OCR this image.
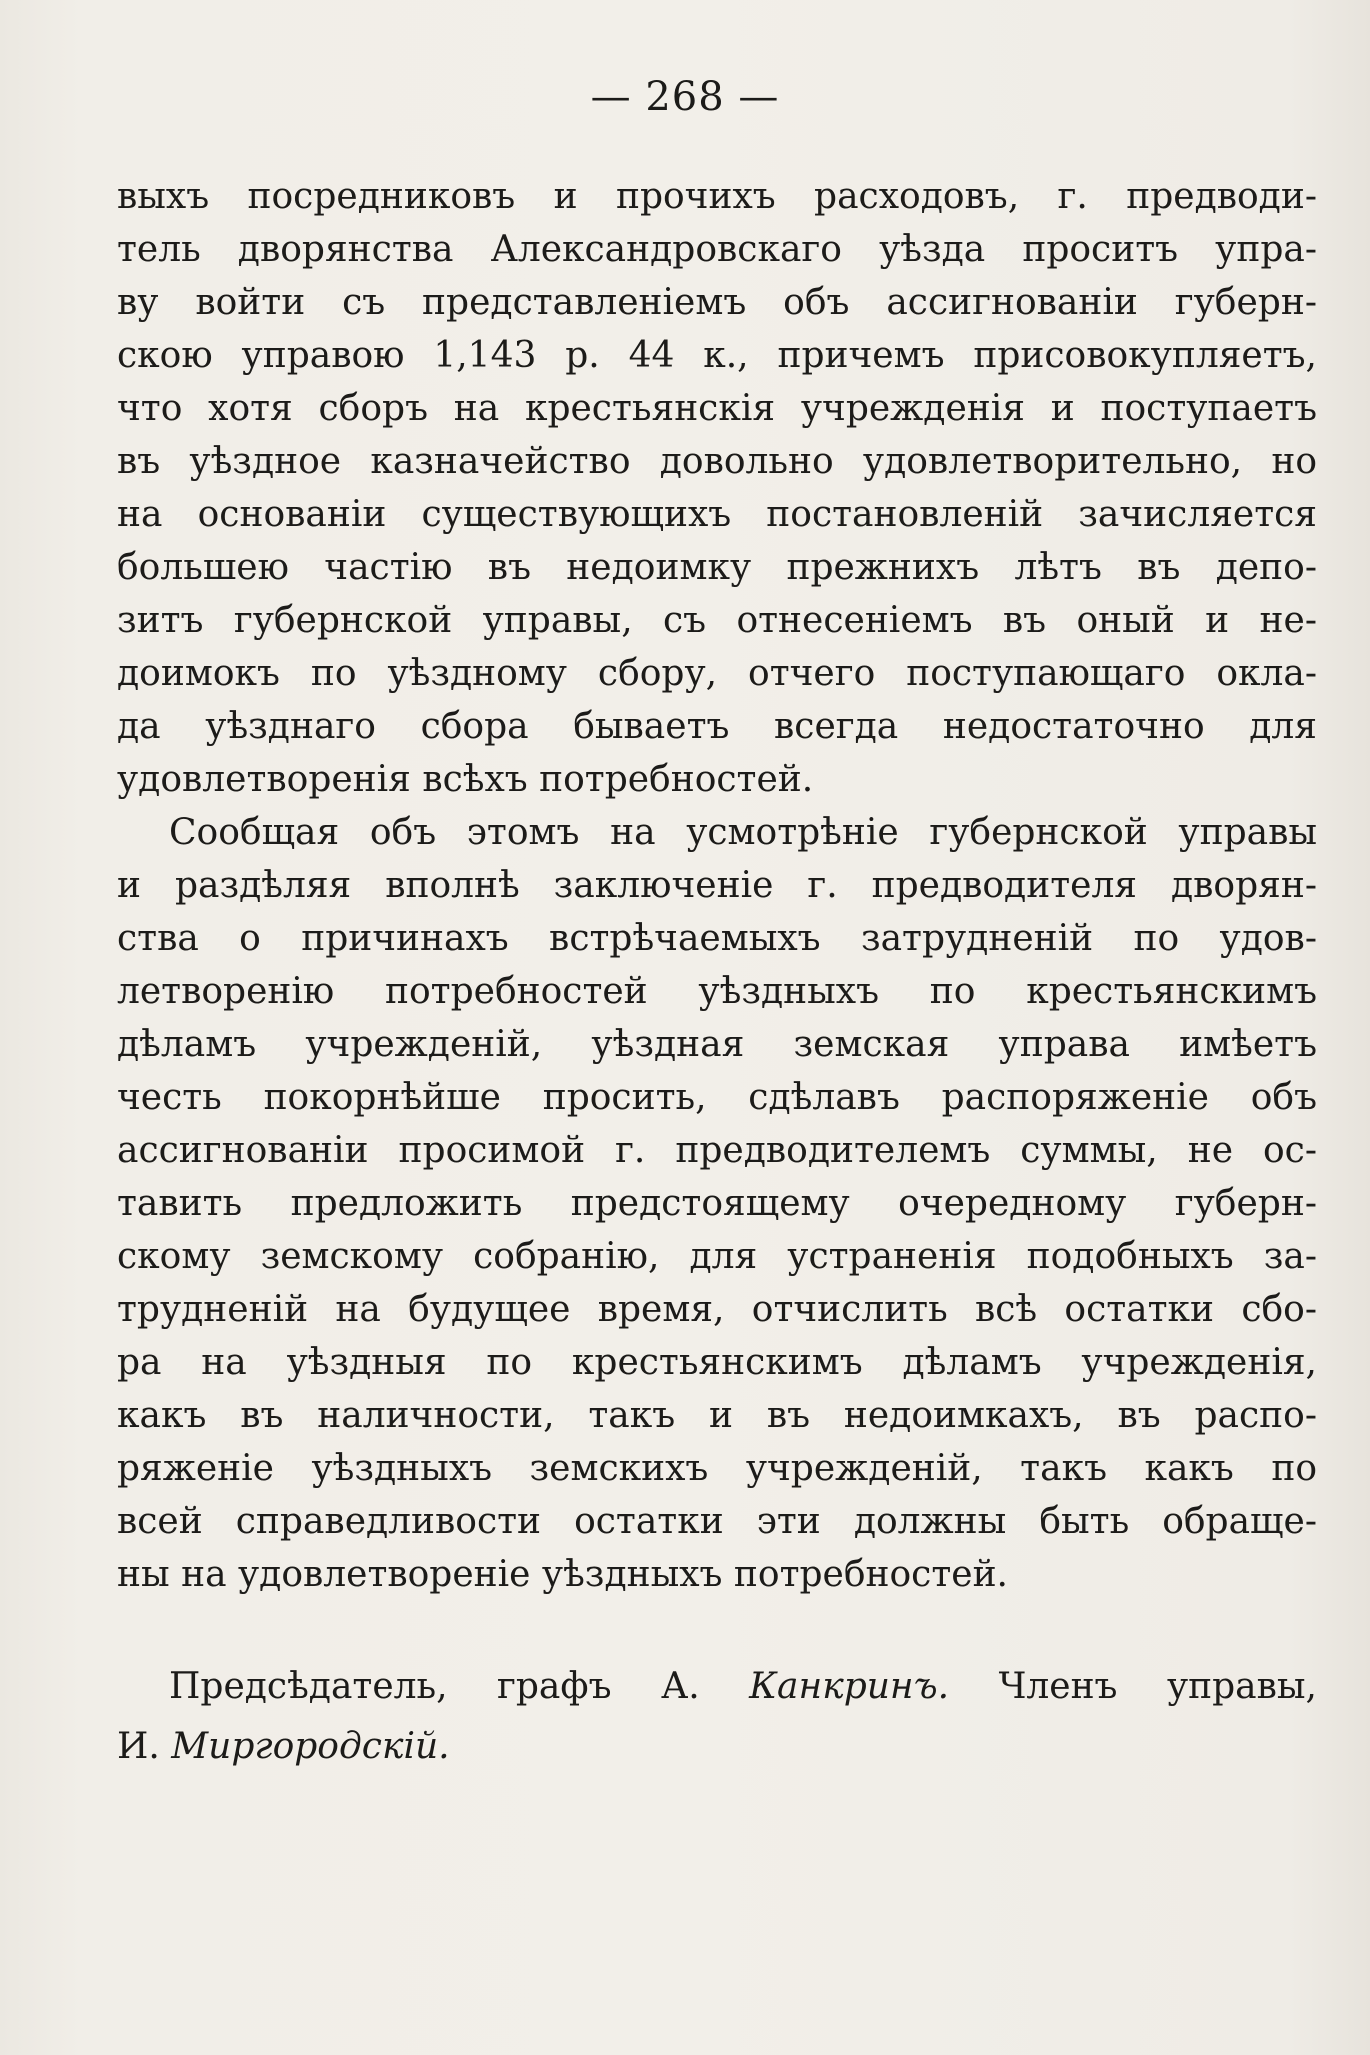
— 268 —
выхъ посредниковъ и прочихъ расходовъ, г. предводи-
тель дворянства Александровскаго уѣзда проситъ упра-
ву войти съ представленіемъ объ ассигнованіи губерн-
скою управою 1,143 р. 44 к., причемъ присовокупляетъ,
что хотя сборъ на крестьянскія учрежденія и поступаетъ
въ уѣздное казначейство довольно удовлетворительно, но
на основаніи существующихъ постановленій зачисляется
большею частію въ недоимку прежнихъ лѣтъ въ депо-
зитъ губернской управы, съ отнесеніемъ въ оный и не-
доимокъ по уѣздному сбору, отчего поступающаго окла-
да уѣзднаго сбора бываетъ всегда недостаточно для
удовлетворенія всѣхъ потребностей.
Сообщая объ этомъ на усмотрѣніе губернской управы
и раздѣляя вполнѣ заключеніе г. предводителя дворян-
ства о причинахъ встрѣчаемыхъ затрудненій по удов-
летворенію потребностей уѣздныхъ по крестьянскимъ
дѣламъ учрежденій, уѣздная земская управа имѣетъ
честь покорнѣйше просить, сдѣлавъ распоряженіе объ
ассигнованіи просимой г. предводителемъ суммы, не ос-
тавить предложить предстоящему очередному губерн-
скому земскому собранію, для устраненія подобныхъ за-
трудненій на будущее время, отчислить всѣ остатки сбо-
ра на уѣздныя по крестьянскимъ дѣламъ учрежденія,
какъ въ наличности, такъ и въ недоимкахъ, въ распо-
ряженіе уѣздныхъ земскихъ учрежденій, такъ какъ по
всей справедливости остатки эти должны быть обраще-
ны на удовлетвореніе уѣздныхъ потребностей.
Предсѣдатель, графъ А. Канкринъ. Членъ управы,
И. Миргородскій.
